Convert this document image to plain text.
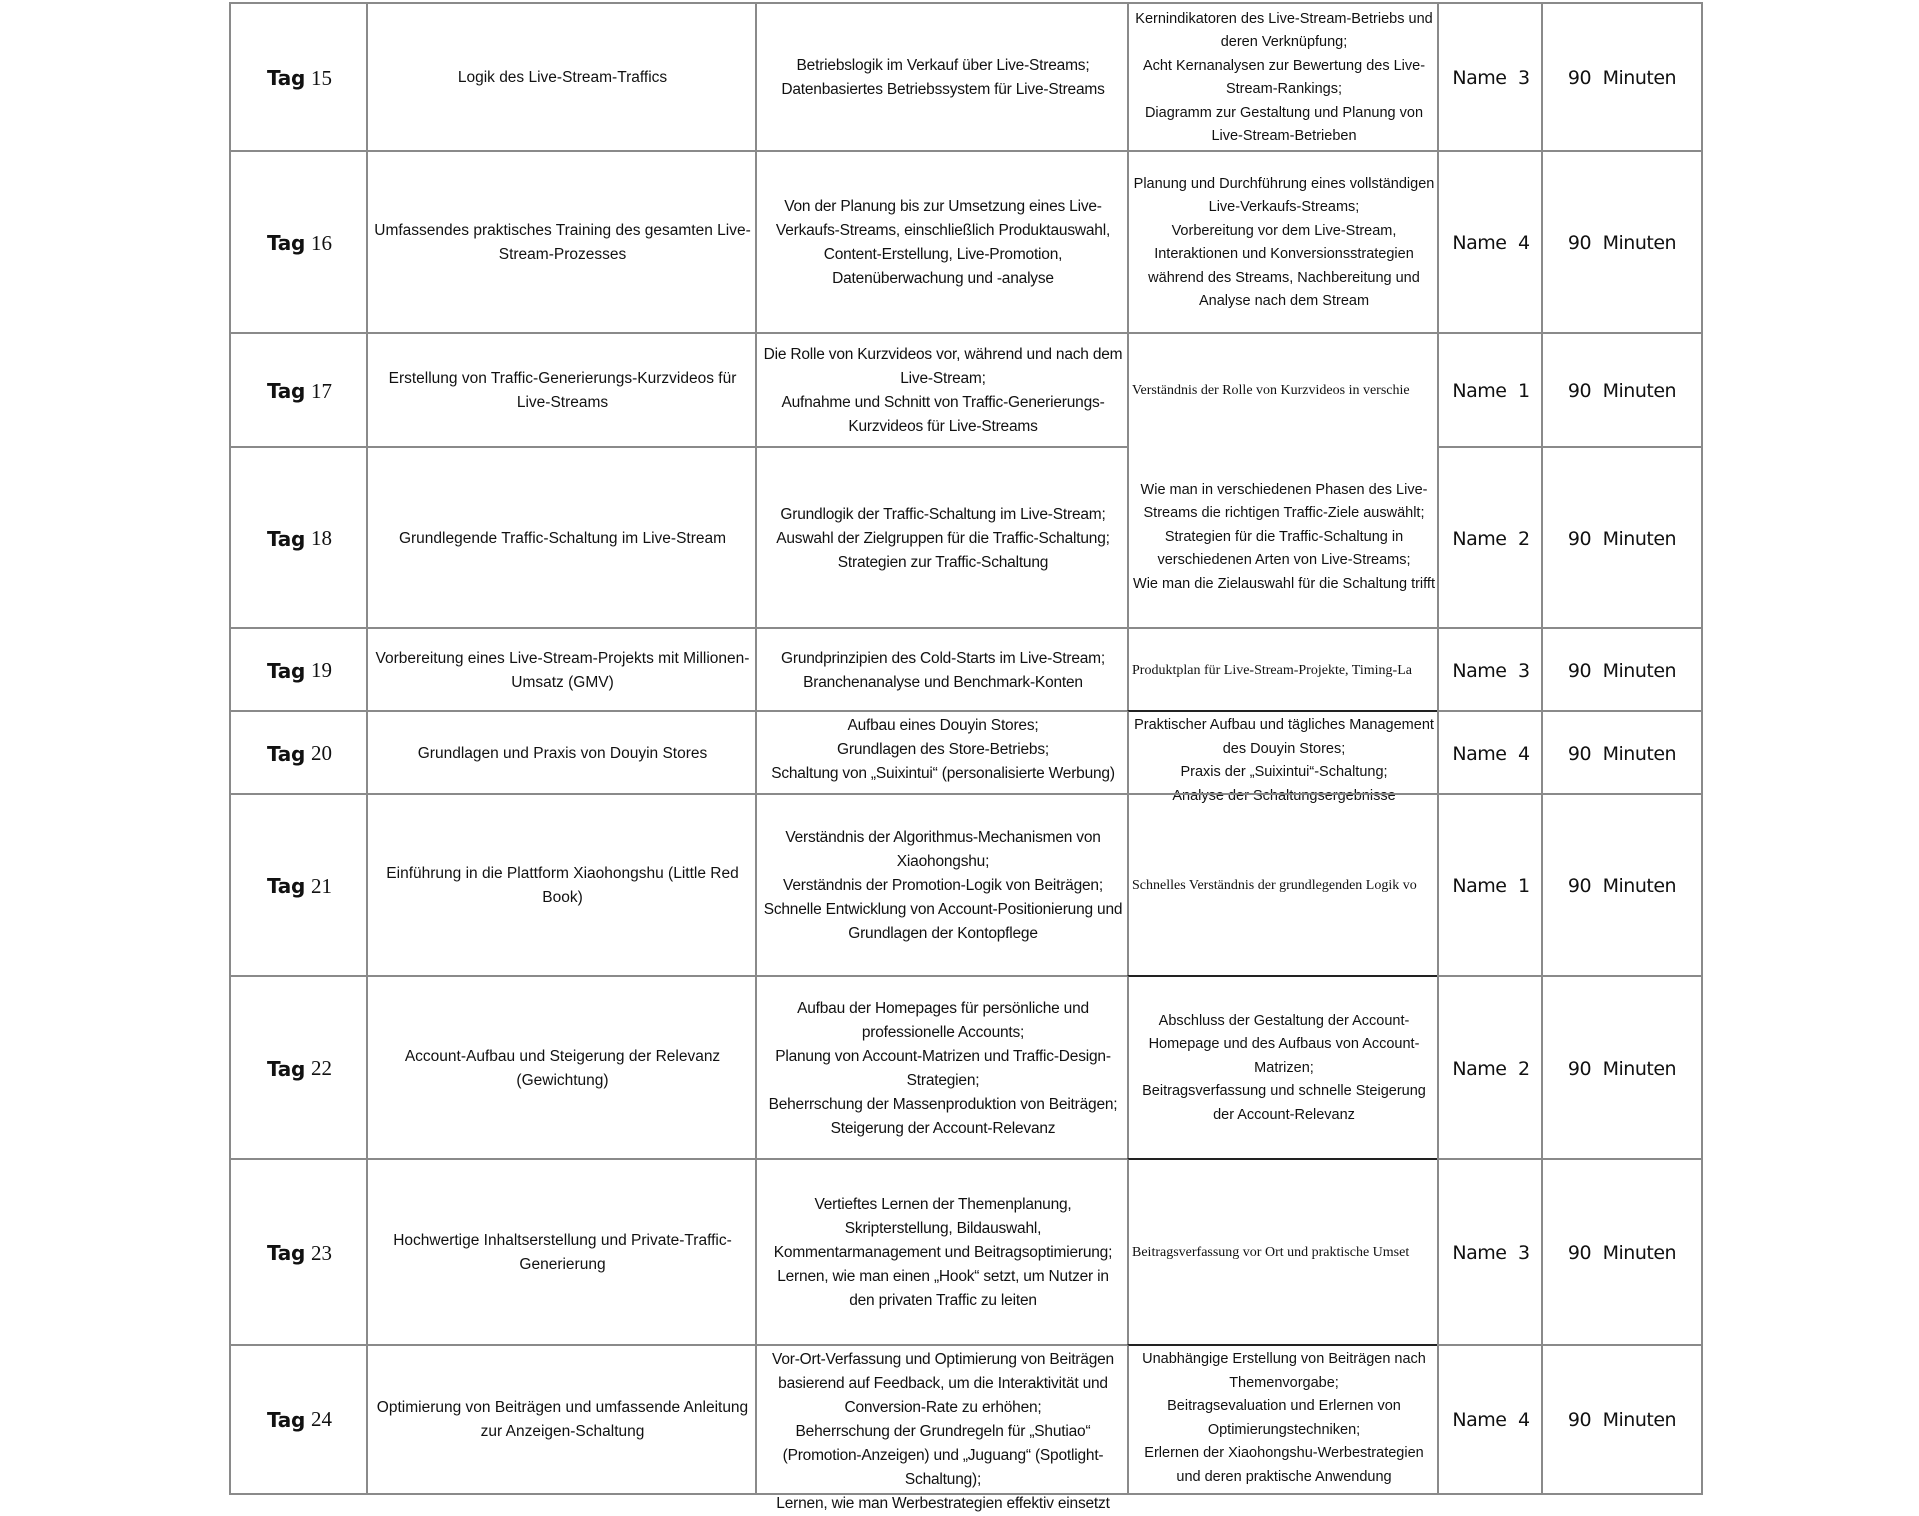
Tag 15	Logik des Live-Stream-Traffics
Betriebslogik im Verkauf über Live-Streams;
Datenbasiertes Betriebssystem für Live-Streams
Kernindikatoren des Live-Stream-Betriebs und deren Verknüpfung;
Acht Kernanalysen zur Bewertung des Live-Stream-Rankings;
Diagramm zur Gestaltung und Planung von Live-Stream-Betrieben
Name 3 90 Minuten
Tag 16	Umfassendes praktisches Training des gesamten Live-Stream-Prozesses
Von der Planung bis zur Umsetzung eines Live-Verkaufs-Streams, einschließlich Produktauswahl, Content-Erstellung, Live-Promotion, Datenüberwachung und -analyse
Planung und Durchführung eines vollständigen Live-Verkaufs-Streams;
Vorbereitung vor dem Live-Stream, Interaktionen und Konversionsstrategien während des Streams, Nachbereitung und Analyse nach dem Stream
Name 4 90 Minuten
Tag 17	Erstellung von Traffic-Generierungs-Kurzvideos für Live-Streams
Die Rolle von Kurzvideos vor, während und nach dem Live-Stream;
Aufnahme und Schnitt von Traffic-Generierungs-Kurzvideos für Live-Streams
Verständnis der Rolle von Kurzvideos in verschie Name 1 90 Minuten
Tag 18	Grundlegende Traffic-Schaltung im Live-Stream
Grundlogik der Traffic-Schaltung im Live-Stream;
Auswahl der Zielgruppen für die Traffic-Schaltung;
Strategien zur Traffic-Schaltung
Wie man in verschiedenen Phasen des Live-Streams die richtigen Traffic-Ziele auswählt;
Strategien für die Traffic-Schaltung in verschiedenen Arten von Live-Streams;
Wie man die Zielauswahl für die Schaltung trifft
Name 2 90 Minuten
Tag 19	Vorbereitung eines Live-Stream-Projekts mit Millionen-Umsatz (GMV)
Grundprinzipien des Cold-Starts im Live-Stream;
Branchenanalyse und Benchmark-Konten
Produktplan für Live-Stream-Projekte, Timing-La Name 3 90 Minuten
Tag 20	Grundlagen und Praxis von Douyin Stores
Aufbau eines Douyin Stores;
Grundlagen des Store-Betriebs;
Schaltung von „Suixintui“ (personalisierte Werbung)
Praktischer Aufbau und tägliches Management des Douyin Stores;
Praxis der „Suixintui“-Schaltung;
Analyse der Schaltungsergebnisse
Name 4 90 Minuten
Tag 21	Einführung in die Plattform Xiaohongshu (Little Red Book)
Verständnis der Algorithmus-Mechanismen von Xiaohongshu;
Verständnis der Promotion-Logik von Beiträgen;
Schnelle Entwicklung von Account-Positionierung und Grundlagen der Kontopflege
Schnelles Verständnis der grundlegenden Logik vo Name 1 90 Minuten
Tag 22	Account-Aufbau und Steigerung der Relevanz (Gewichtung)
Aufbau der Homepages für persönliche und professionelle Accounts;
Planung von Account-Matrizen und Traffic-Design-Strategien;
Beherrschung der Massenproduktion von Beiträgen;
Steigerung der Account-Relevanz
Abschluss der Gestaltung der Account-Homepage und des Aufbaus von Account-Matrizen;
Beitragsverfassung und schnelle Steigerung der Account-Relevanz
Name 2 90 Minuten
Tag 23	Hochwertige Inhaltserstellung und Private-Traffic-Generierung
Vertieftes Lernen der Themenplanung, Skripterstellung, Bildauswahl, Kommentarmanagement und Beitragsoptimierung;
Lernen, wie man einen „Hook“ setzt, um Nutzer in den privaten Traffic zu leiten
Beitragsverfassung vor Ort und praktische Umset Name 3 90 Minuten
Tag 24	Optimierung von Beiträgen und umfassende Anleitung zur Anzeigen-Schaltung
Vor-Ort-Verfassung und Optimierung von Beiträgen basierend auf Feedback, um die Interaktivität und Conversion-Rate zu erhöhen;
Beherrschung der Grundregeln für „Shutiao“ (Promotion-Anzeigen) und „Juguang“ (Spotlight-Schaltung);
Lernen, wie man Werbestrategien effektiv einsetzt
Unabhängige Erstellung von Beiträgen nach Themenvorgabe;
Beitragsevaluation und Erlernen von Optimierungstechniken;
Erlernen der Xiaohongshu-Werbestrategien und deren praktische Anwendung
Name 4 90 Minuten
